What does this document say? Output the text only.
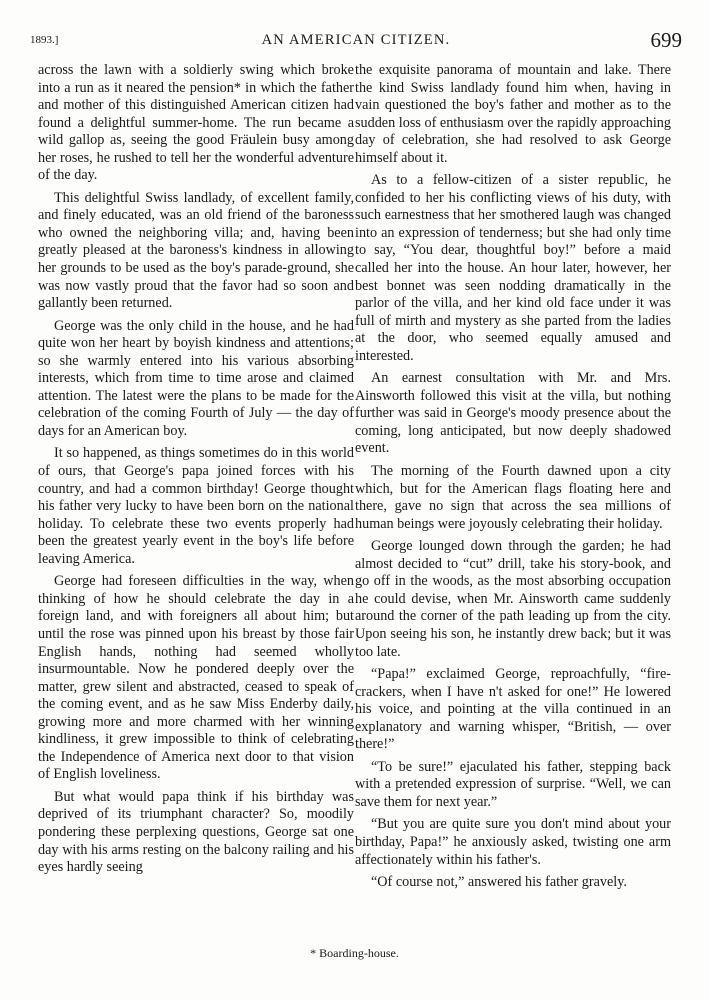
1893.]	AN AMERICAN CITIZEN.	699

across the lawn with a soldierly swing which broke into a run as it neared the pension* in which the father and mother of this distinguished American citizen had found a delightful summer-home. The run became a wild gallop as, seeing the good Fräulein busy among her roses, he rushed to tell her the wonderful adventure of the day.

This delightful Swiss landlady, of excellent family, and finely educated, was an old friend of the baroness who owned the neighboring villa; and, having been greatly pleased at the baroness's kindness in allowing her grounds to be used as the boy's parade-ground, she was now vastly proud that the favor had so soon and gallantly been returned.

George was the only child in the house, and he had quite won her heart by boyish kindness and attentions; so she warmly entered into his various absorbing interests, which from time to time arose and claimed attention. The latest were the plans to be made for the celebration of the coming Fourth of July — the day of days for an American boy.

It so happened, as things sometimes do in this world of ours, that George's papa joined forces with his country, and had a common birthday! George thought his father very lucky to have been born on the national holiday. To celebrate these two events properly had been the greatest yearly event in the boy's life before leaving America.

George had foreseen difficulties in the way, when thinking of how he should celebrate the day in a foreign land, and with foreigners all about him; but until the rose was pinned upon his breast by those fair English hands, nothing had seemed wholly insurmountable. Now he pondered deeply over the matter, grew silent and abstracted, ceased to speak of the coming event, and as he saw Miss Enderby daily, growing more and more charmed with her winning kindliness, it grew impossible to think of celebrating the Independence of America next door to that vision of English loveliness.

But what would papa think if his birthday was deprived of its triumphant character? So, moodily pondering these perplexing questions, George sat one day with his arms resting on the balcony railing and his eyes hardly seeing

the exquisite panorama of mountain and lake. There the kind Swiss landlady found him when, having in vain questioned the boy's father and mother as to the sudden loss of enthusiasm over the rapidly approaching day of celebration, she had resolved to ask George himself about it.

As to a fellow-citizen of a sister republic, he confided to her his conflicting views of his duty, with such earnestness that her smothered laugh was changed into an expression of tenderness; but she had only time to say, “You dear, thoughtful boy!” before a maid called her into the house. An hour later, however, her best bonnet was seen nodding dramatically in the parlor of the villa, and her kind old face under it was full of mirth and mystery as she parted from the ladies at the door, who seemed equally amused and interested.

An earnest consultation with Mr. and Mrs. Ainsworth followed this visit at the villa, but nothing further was said in George's moody presence about the coming, long anticipated, but now deeply shadowed event.

The morning of the Fourth dawned upon a city which, but for the American flags floating here and there, gave no sign that across the sea millions of human beings were joyously celebrating their holiday.

George lounged down through the garden; he had almost decided to “cut” drill, take his story-book, and go off in the woods, as the most absorbing occupation he could devise, when Mr. Ainsworth came suddenly around the corner of the path leading up from the city. Upon seeing his son, he instantly drew back; but it was too late.

“Papa!” exclaimed George, reproachfully, “fire-crackers, when I have n't asked for one!” He lowered his voice, and pointing at the villa continued in an explanatory and warning whisper, “British, — over there!”

“To be sure!” ejaculated his father, stepping back with a pretended expression of surprise. “Well, we can save them for next year.”

“But you are quite sure you don't mind about your birthday, Papa!” he anxiously asked, twisting one arm affectionately within his father's.

“Of course not,” answered his father gravely.

* Boarding-house.
